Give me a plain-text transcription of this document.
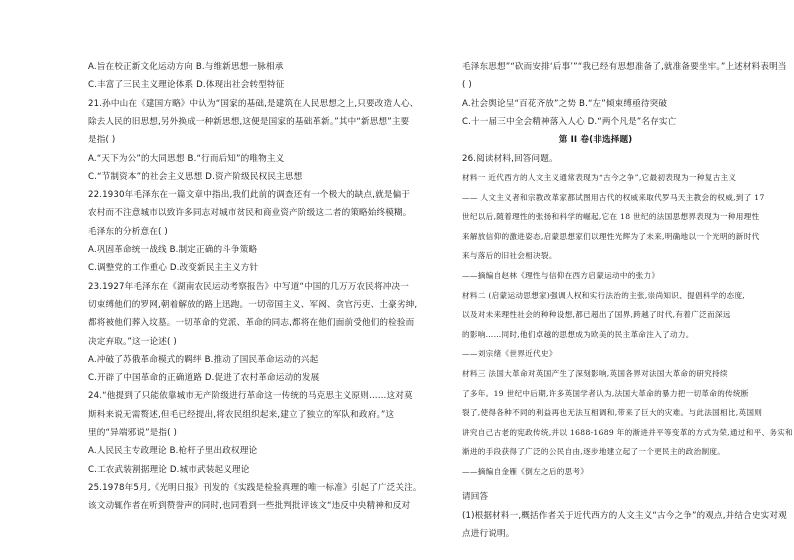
A.旨在校正新文化运动方向 B.与维新思想一脉相承
C.丰富了三民主义理论体系 D.体现出社会转型特征
21.孙中山在《建国方略》中认为“国家的基础,是建筑在人民思想之上,只要改造人心、
除去人民的旧思想,另外换成一种新思想,这便是国家的基础革新。”其中“新思想”主要
是指( )
A.“天下为公”的大同思想 B.“行而后知”的唯物主义
C.“节制资本”的社会主义思想 D.资产阶级民权民主思想
22.1930年毛泽东在一篇文章中指出,我们此前的调查还有一个极大的缺点,就是偏于
农村而不注意城市以致许多同志对城市贫民和商业资产阶级这二者的策略始终模糊。
毛泽东的分析意在( )
A.巩固革命统一战线 B.制定正确的斗争策略
C.调整党的工作重心 D.改变新民主主义方针
23.1927年毛泽东在《湖南农民运动考察报告》中写道“中国的几万万农民将冲决一
切束缚他们的罗网,朝着解放的路上迅跑。一切帝国主义、军阀、贪官污吏、土豪劣绅,
都将被他们葬入坟墓。一切革命的党派、革命的同志,都将在他们面前受他们的检验而
决定弃取。”这一论述( )
A.冲破了苏俄革命模式的羁绊 B.推动了国民革命运动的兴起
C.开辟了中国革命的正确道路 D.促进了农村革命运动的发展
24.“他提到了只能依靠城市无产阶级进行革命这一传统的马克思主义原则……这对莫
斯科来说无需赘述,但毛已经提出,将农民组织起来,建立了独立的军队和政府。”这
里的“异端邪说”是指( )
A.人民民主专政理论 B.枪杆子里出政权理论
C.工农武装割据理论 D.城市武装起义理论
25.1978年5月,《光明日报》刊发的《实践是检验真理的唯一标准》引起了广泛关注。
该文动辄作者在听到赞誉声的同时,也同看到一些批判批评该文“违反中央精神和反对
毛泽东思想”“砍而安排‘后事’”“我已经有思想准备了,就准备要坐牢。”上述材料表明当
( )
A.社会舆论呈“百花齐放”之势 B.“左”倾束缚亟待突破
C.十一届三中全会精神落入人心 D.“两个凡是”名存实亡
第 II 卷(非选择题)
26.阅读材料,回答问题。
材料一 近代西方的人文主义通常表现为“古今之争”,它最初表现为一种复古主义
—— 人文主义者和宗教改革家都试图用古代的权威来取代罗马天主教会的权威,到了 17
世纪以后,随着理性的张扬和科学的崛起,它在 18 世纪的法国思想界表现为一种用理性
来解放信仰的激进姿态,启蒙思想家们以理性光辉为了未来,明确地以一个光明的新时代
来与落后的旧社会相决裂。
——摘编自赵林《理性与信仰在西方启蒙运动中的张力》
材料二 (启蒙运动思想家)强调人权和实行法治的主张,崇尚知识、提倡科学的态度,
以及对未来理性社会的种种设想,都已超出了国界,跨越了时代,有着广泛而深远
的影响……同时,他们卓越的思想成为欧美的民主革命注入了动力。
——刘宗绪《世界近代史》
材料三 法国大革命对英国产生了深刻影响,英国各界对法国大革命的研究持续
了多年。19 世纪中后期,许多英国学者认为,法国大革命的暴力把一切革命的传统断
裂了,使得各种不同的利益再也无法互相调和,带来了巨大的灾难。与此法国相比,英国则
讲究自己古老的宪政传统,并以 1688-1689 年的渐进并平等变革的方式为荣,通过和平、务实和
渐进的手段获得了广泛的公民自由,逐步地建立起了一个更民主的政治制度。
——摘编自金雁《倒左之后的思考》
请回答
(1)根据材料一,概括作者关于近代西方的人文主义“古今之争”的观点,并结合史实对观
点进行说明。
